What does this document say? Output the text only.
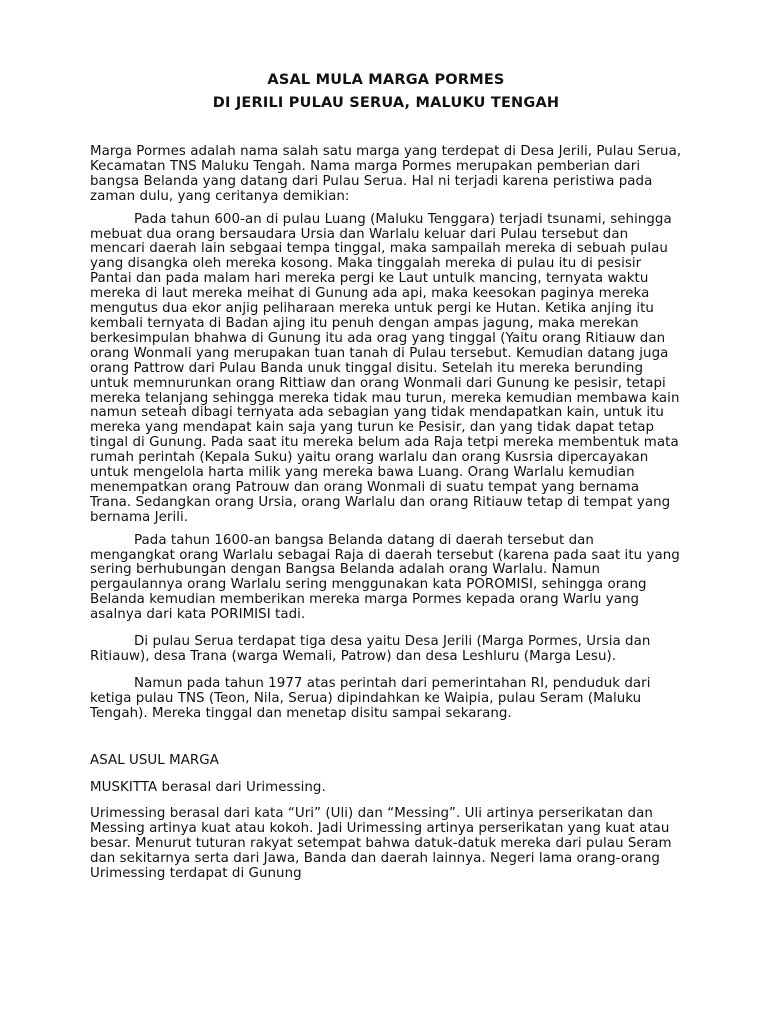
ASAL MULA MARGA PORMES
DI JERILI PULAU SERUA, MALUKU TENGAH

Marga Pormes adalah nama salah satu marga yang terdepat di Desa Jerili, Pulau Serua, Kecamatan TNS Maluku Tengah. Nama marga Pormes merupakan pemberian dari bangsa Belanda yang datang dari Pulau Serua. Hal ni terjadi karena peristiwa pada zaman dulu, yang ceritanya demikian:

Pada tahun 600-an di pulau Luang (Maluku Tenggara) terjadi tsunami, sehingga mebuat dua orang bersaudara Ursia dan Warlalu keluar dari Pulau tersebut dan mencari daerah lain sebgaai tempa tinggal, maka sampailah mereka di sebuah pulau yang disangka oleh mereka kosong. Maka tinggalah mereka di pulau itu di pesisir Pantai dan pada malam hari mereka pergi ke Laut untulk mancing, ternyata waktu mereka di laut mereka meihat di Gunung ada api, maka keesokan paginya mereka mengutus dua ekor anjig peliharaan mereka untuk pergi ke Hutan. Ketika anjing itu kembali ternyata di Badan ajing itu penuh dengan ampas jagung, maka merekan berkesimpulan bhahwa di Gunung itu ada orag yang tinggal (Yaitu orang Ritiauw dan orang Wonmali yang merupakan tuan tanah di Pulau tersebut. Kemudian datang juga orang Pattrow dari Pulau Banda unuk tinggal disitu. Setelah itu mereka berunding untuk memnurunkan orang Rittiaw dan orang Wonmali dari Gunung ke pesisir, tetapi mereka telanjang sehingga mereka tidak mau turun, mereka kemudian membawa kain namun seteah dibagi ternyata ada sebagian yang tidak mendapatkan kain, untuk itu mereka yang mendapat kain saja yang turun ke Pesisir, dan yang tidak dapat tetap tingal di Gunung. Pada saat itu mereka belum ada Raja tetpi mereka membentuk mata rumah perintah (Kepala Suku) yaitu orang warlalu dan orang Kusrsia dipercayakan untuk mengelola harta milik yang mereka bawa Luang. Orang Warlalu kemudian menempatkan orang Patrouw dan orang Wonmali di suatu tempat yang bernama Trana. Sedangkan orang Ursia, orang Warlalu dan orang Ritiauw tetap di tempat yang bernama Jerili.

Pada tahun 1600-an bangsa Belanda datang di daerah tersebut dan mengangkat orang Warlalu sebagai Raja di daerah tersebut (karena pada saat itu yang sering berhubungan dengan Bangsa Belanda adalah orang Warlalu. Namun pergaulannya orang Warlalu sering menggunakan kata POROMISI, sehingga orang Belanda kemudian memberikan mereka marga Pormes kepada orang Warlu yang asalnya dari kata PORIMISI tadi.

Di pulau Serua terdapat tiga desa yaitu Desa Jerili (Marga Pormes, Ursia dan Ritiauw), desa Trana (warga Wemali, Patrow) dan desa Leshluru (Marga Lesu).

Namun pada tahun 1977 atas perintah dari pemerintahan RI, penduduk dari ketiga pulau TNS (Teon, Nila, Serua) dipindahkan ke Waipia, pulau Seram (Maluku Tengah). Mereka tinggal dan menetap disitu sampai sekarang.

ASAL USUL MARGA

MUSKITTA berasal dari Urimessing.

Urimessing berasal dari kata “Uri” (Uli) dan “Messing”. Uli artinya perserikatan dan Messing artinya kuat atau kokoh. Jadi Urimessing artinya perserikatan yang kuat atau besar. Menurut tuturan rakyat setempat bahwa datuk-datuk mereka dari pulau Seram dan sekitarnya serta dari Jawa, Banda dan daerah lainnya. Negeri lama orang-orang Urimessing terdapat di Gunung
